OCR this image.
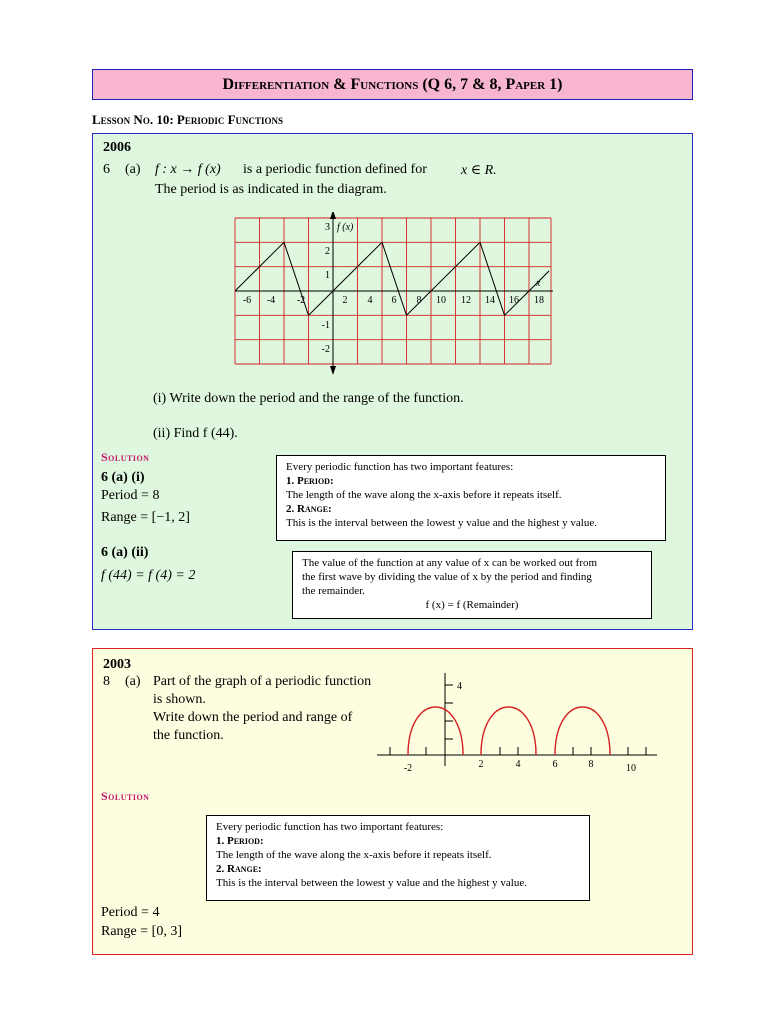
Differentiation & Functions (Q 6, 7 & 8, Paper 1)
Lesson No. 10: Periodic Functions
2006
6 (a) f : x → f (x) is a periodic function defined for x ∈ R.
The period is as indicated in the diagram.
3
2
1
-1
-2
f (x)
x
-6 -4 -2	2 4 6 8 10 12 14 16 18
(i) Write down the period and the range of the function.
(ii) Find f (44).
Solution
6 (a) (i)
Period = 8
Range = [−1, 2]
6 (a) (ii)
f (44) = f (4) = 2
Every periodic function has two important features:
1. Period:
The length of the wave along the x-axis before it repeats itself.
2. Range:
This is the interval between the lowest y value and the highest y value.
The value of the function at any value of x can be worked out from
the first wave by dividing the value of x by the period and finding
the remainder.
f (x) = f (Remainder)
2003
8 (a) Part of the graph of a periodic function
is shown.
Write down the period and range of
the function.
4
-2	2	4	6	8	10
Solution
Every periodic function has two important features:
1. Period:
The length of the wave along the x-axis before it repeats itself.
2. Range:
This is the interval between the lowest y value and the highest y value.
Period = 4
Range = [0, 3]
